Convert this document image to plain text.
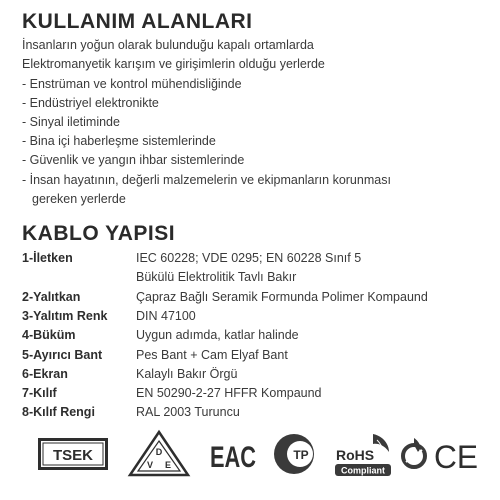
KULLANIM ALANLARI
İnsanların yoğun olarak bulunduğu kapalı ortamlarda
Elektromanyetik karışım ve girişimlerin olduğu yerlerde
- Enstrüman ve kontrol mühendisliğinde
- Endüstriyel elektronikte
- Sinyal iletiminde
- Bina içi haberleşme sistemlerinde
- Güvenlik ve yangın ihbar sistemlerinde
- İnsan hayatının, değerli malzemelerin ve ekipmanların korunması
gereken yerlerde
KABLO YAPISI
1-İletken	IEC 60228; VDE 0295; EN 60228 Sınıf 5
Bükülü Elektrolitik Tavlı Bakır
2-Yalıtkan	Çapraz Bağlı Seramik Formunda Polimer Kompaund
3-Yalıtım Renk DIN 47100
4-Büküm	Uygun adımda, katlar halinde
5-Ayırıcı Bant	Pes Bant + Cam Elyaf Bant
6-Ekran	Kalaylı Bakır Örgü
7-Kılıf	EN 50290-2-27 HFFR Kompaund
8-Kılıf Rengi	RAL 2003 Turuncu
TSEK	D
V E EAC	TP RoHS
Compliant CE
